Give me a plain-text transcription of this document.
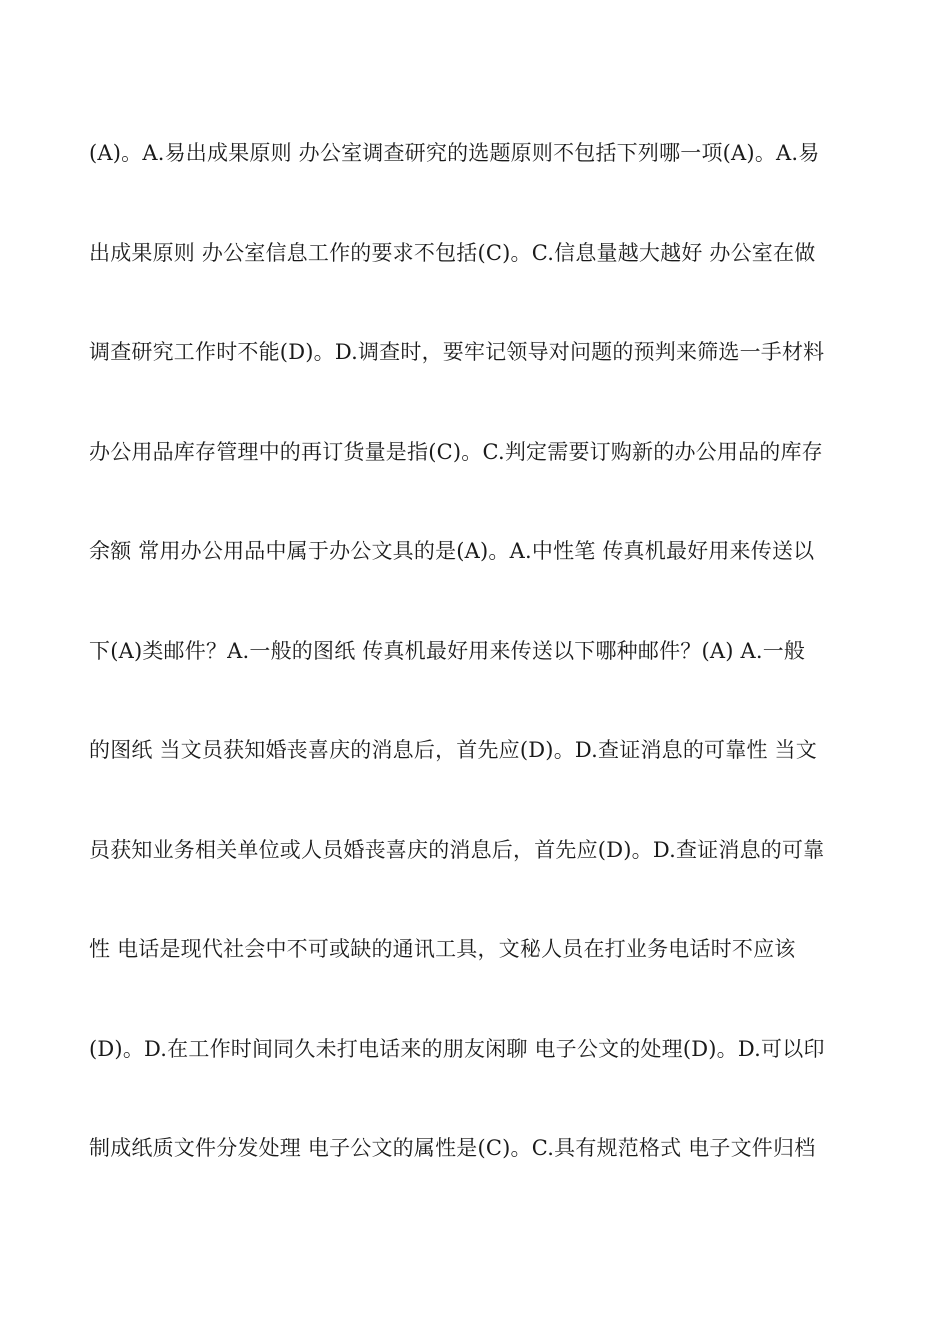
(A)。A.易出成果原则 办公室调查研究的选题原则不包括下列哪一项(A)。A.易
出成果原则 办公室信息工作的要求不包括(C)。C.信息量越大越好 办公室在做
调查研究工作时不能(D)。D.调查时，要牢记领导对问题的预判来筛选一手材料
办公用品库存管理中的再订货量是指(C)。C.判定需要订购新的办公用品的库存
余额 常用办公用品中属于办公文具的是(A)。A.中性笔 传真机最好用来传送以
下(A)类邮件？A.一般的图纸 传真机最好用来传送以下哪种邮件？(A) A.一般
的图纸 当文员获知婚丧喜庆的消息后，首先应(D)。D.查证消息的可靠性 当文
员获知业务相关单位或人员婚丧喜庆的消息后，首先应(D)。D.查证消息的可靠
性 电话是现代社会中不可或缺的通讯工具，文秘人员在打业务电话时不应该
(D)。D.在工作时间同久未打电话来的朋友闲聊 电子公文的处理(D)。D.可以印
制成纸质文件分发处理 电子公文的属性是(C)。C.具有规范格式 电子文件归档
